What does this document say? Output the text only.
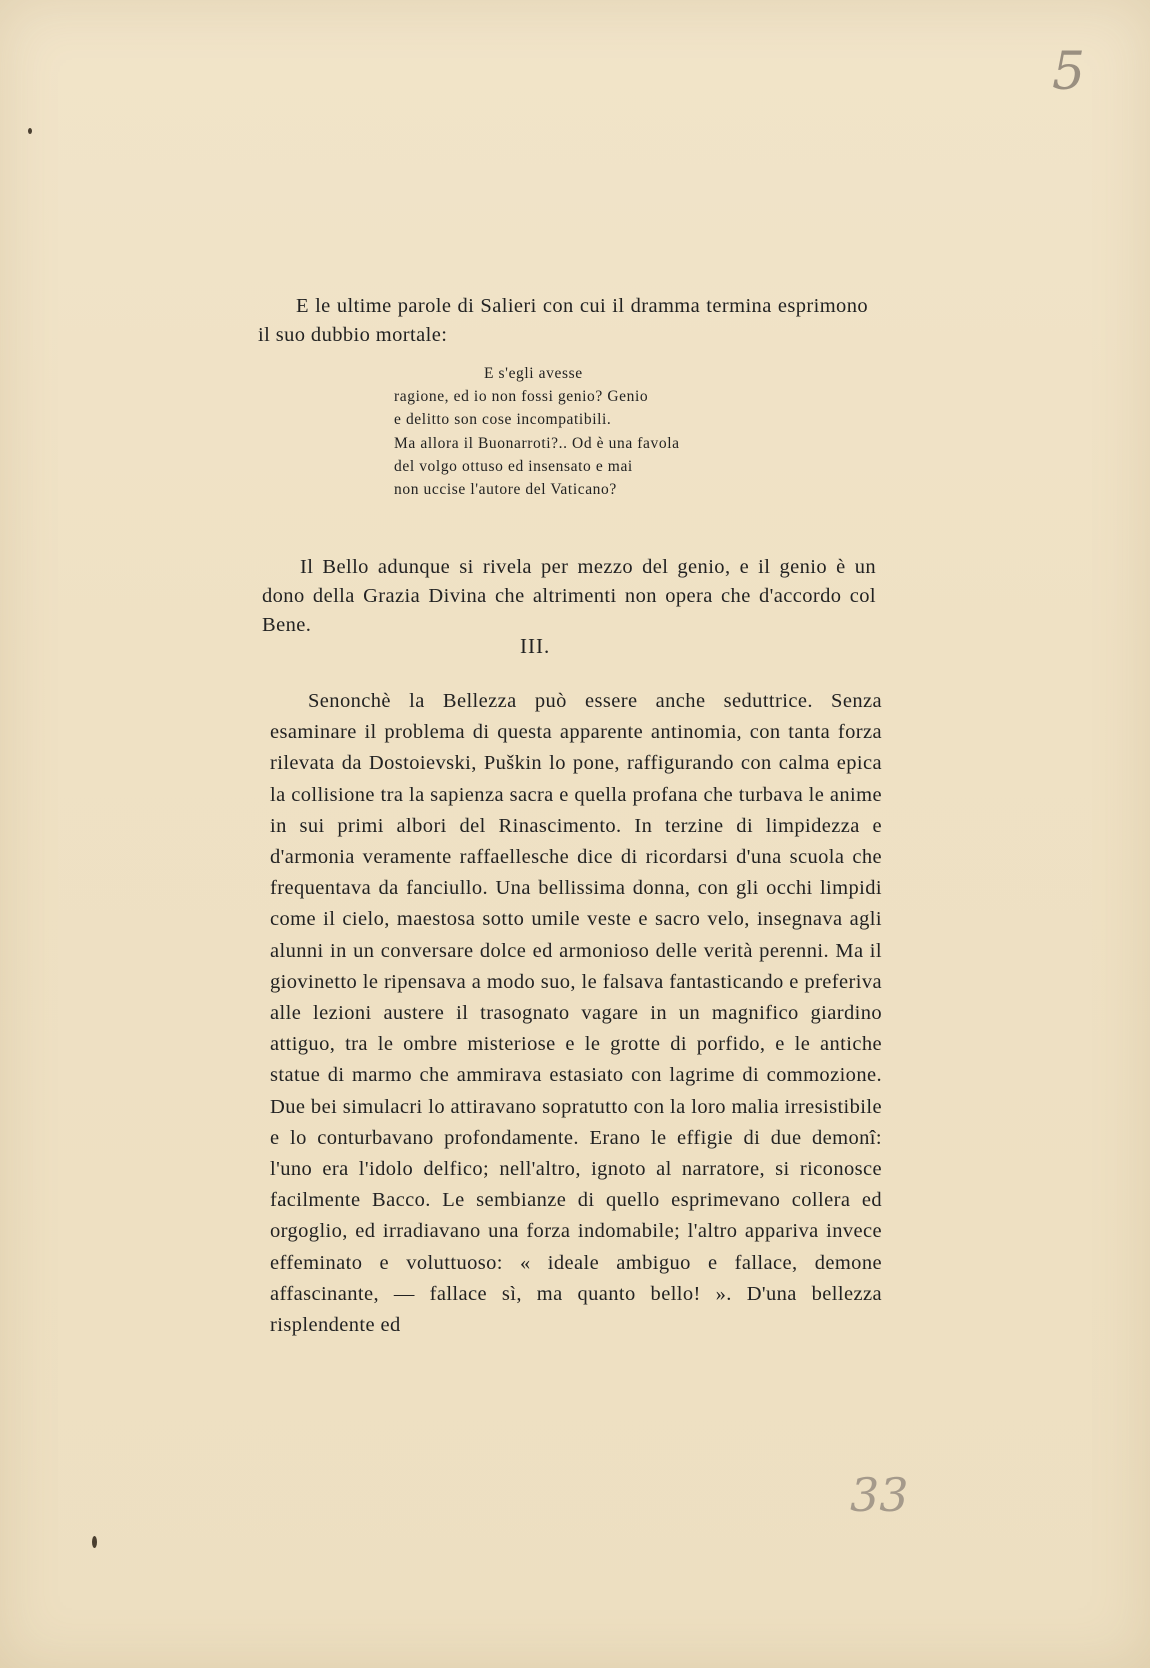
5
33

E le ultime parole di Salieri con cui il dramma termina esprimono il suo dubbio mortale:

E s'egli avesse
ragione, ed io non fossi genio? Genio
e delitto son cose incompatibili.
Ma allora il Buonarroti?.. Od è una favola
del volgo ottuso ed insensato e mai
non uccise l'autore del Vaticano?

Il Bello adunque si rivela per mezzo del genio, e il genio è un dono della Grazia Divina che altrimenti non opera che d'accordo col Bene.

III.

Senonchè la Bellezza può essere anche seduttrice. Senza esaminare il problema di questa apparente antinomia, con tanta forza rilevata da Dostoievski, Puškin lo pone, raffigurando con calma epica la collisione tra la sapienza sacra e quella profana che turbava le anime in sui primi albori del Rinascimento. In terzine di limpidezza e d'armonia veramente raffaellesche dice di ricordarsi d'una scuola che frequentava da fanciullo. Una bellissima donna, con gli occhi limpidi come il cielo, maestosa sotto umile veste e sacro velo, insegnava agli alunni in un conversare dolce ed armonioso delle verità perenni. Ma il giovinetto le ripensava a modo suo, le falsava fantasticando e preferiva alle lezioni austere il trasognato vagare in un magnifico giardino attiguo, tra le ombre misteriose e le grotte di porfido, e le antiche statue di marmo che ammirava estasiato con lagrime di commozione. Due bei simulacri lo attiravano sopratutto con la loro malia irresistibile e lo conturbavano profondamente. Erano le effigie di due demonî: l'uno era l'idolo delfico; nell'altro, ignoto al narratore, si riconosce facilmente Bacco. Le sembianze di quello esprimevano collera ed orgoglio, ed irradiavano una forza indomabile; l'altro appariva invece effeminato e voluttuoso: « ideale ambiguo e fallace, demone affascinante, — fallace sì, ma quanto bello! ». D'una bellezza risplendente ed
